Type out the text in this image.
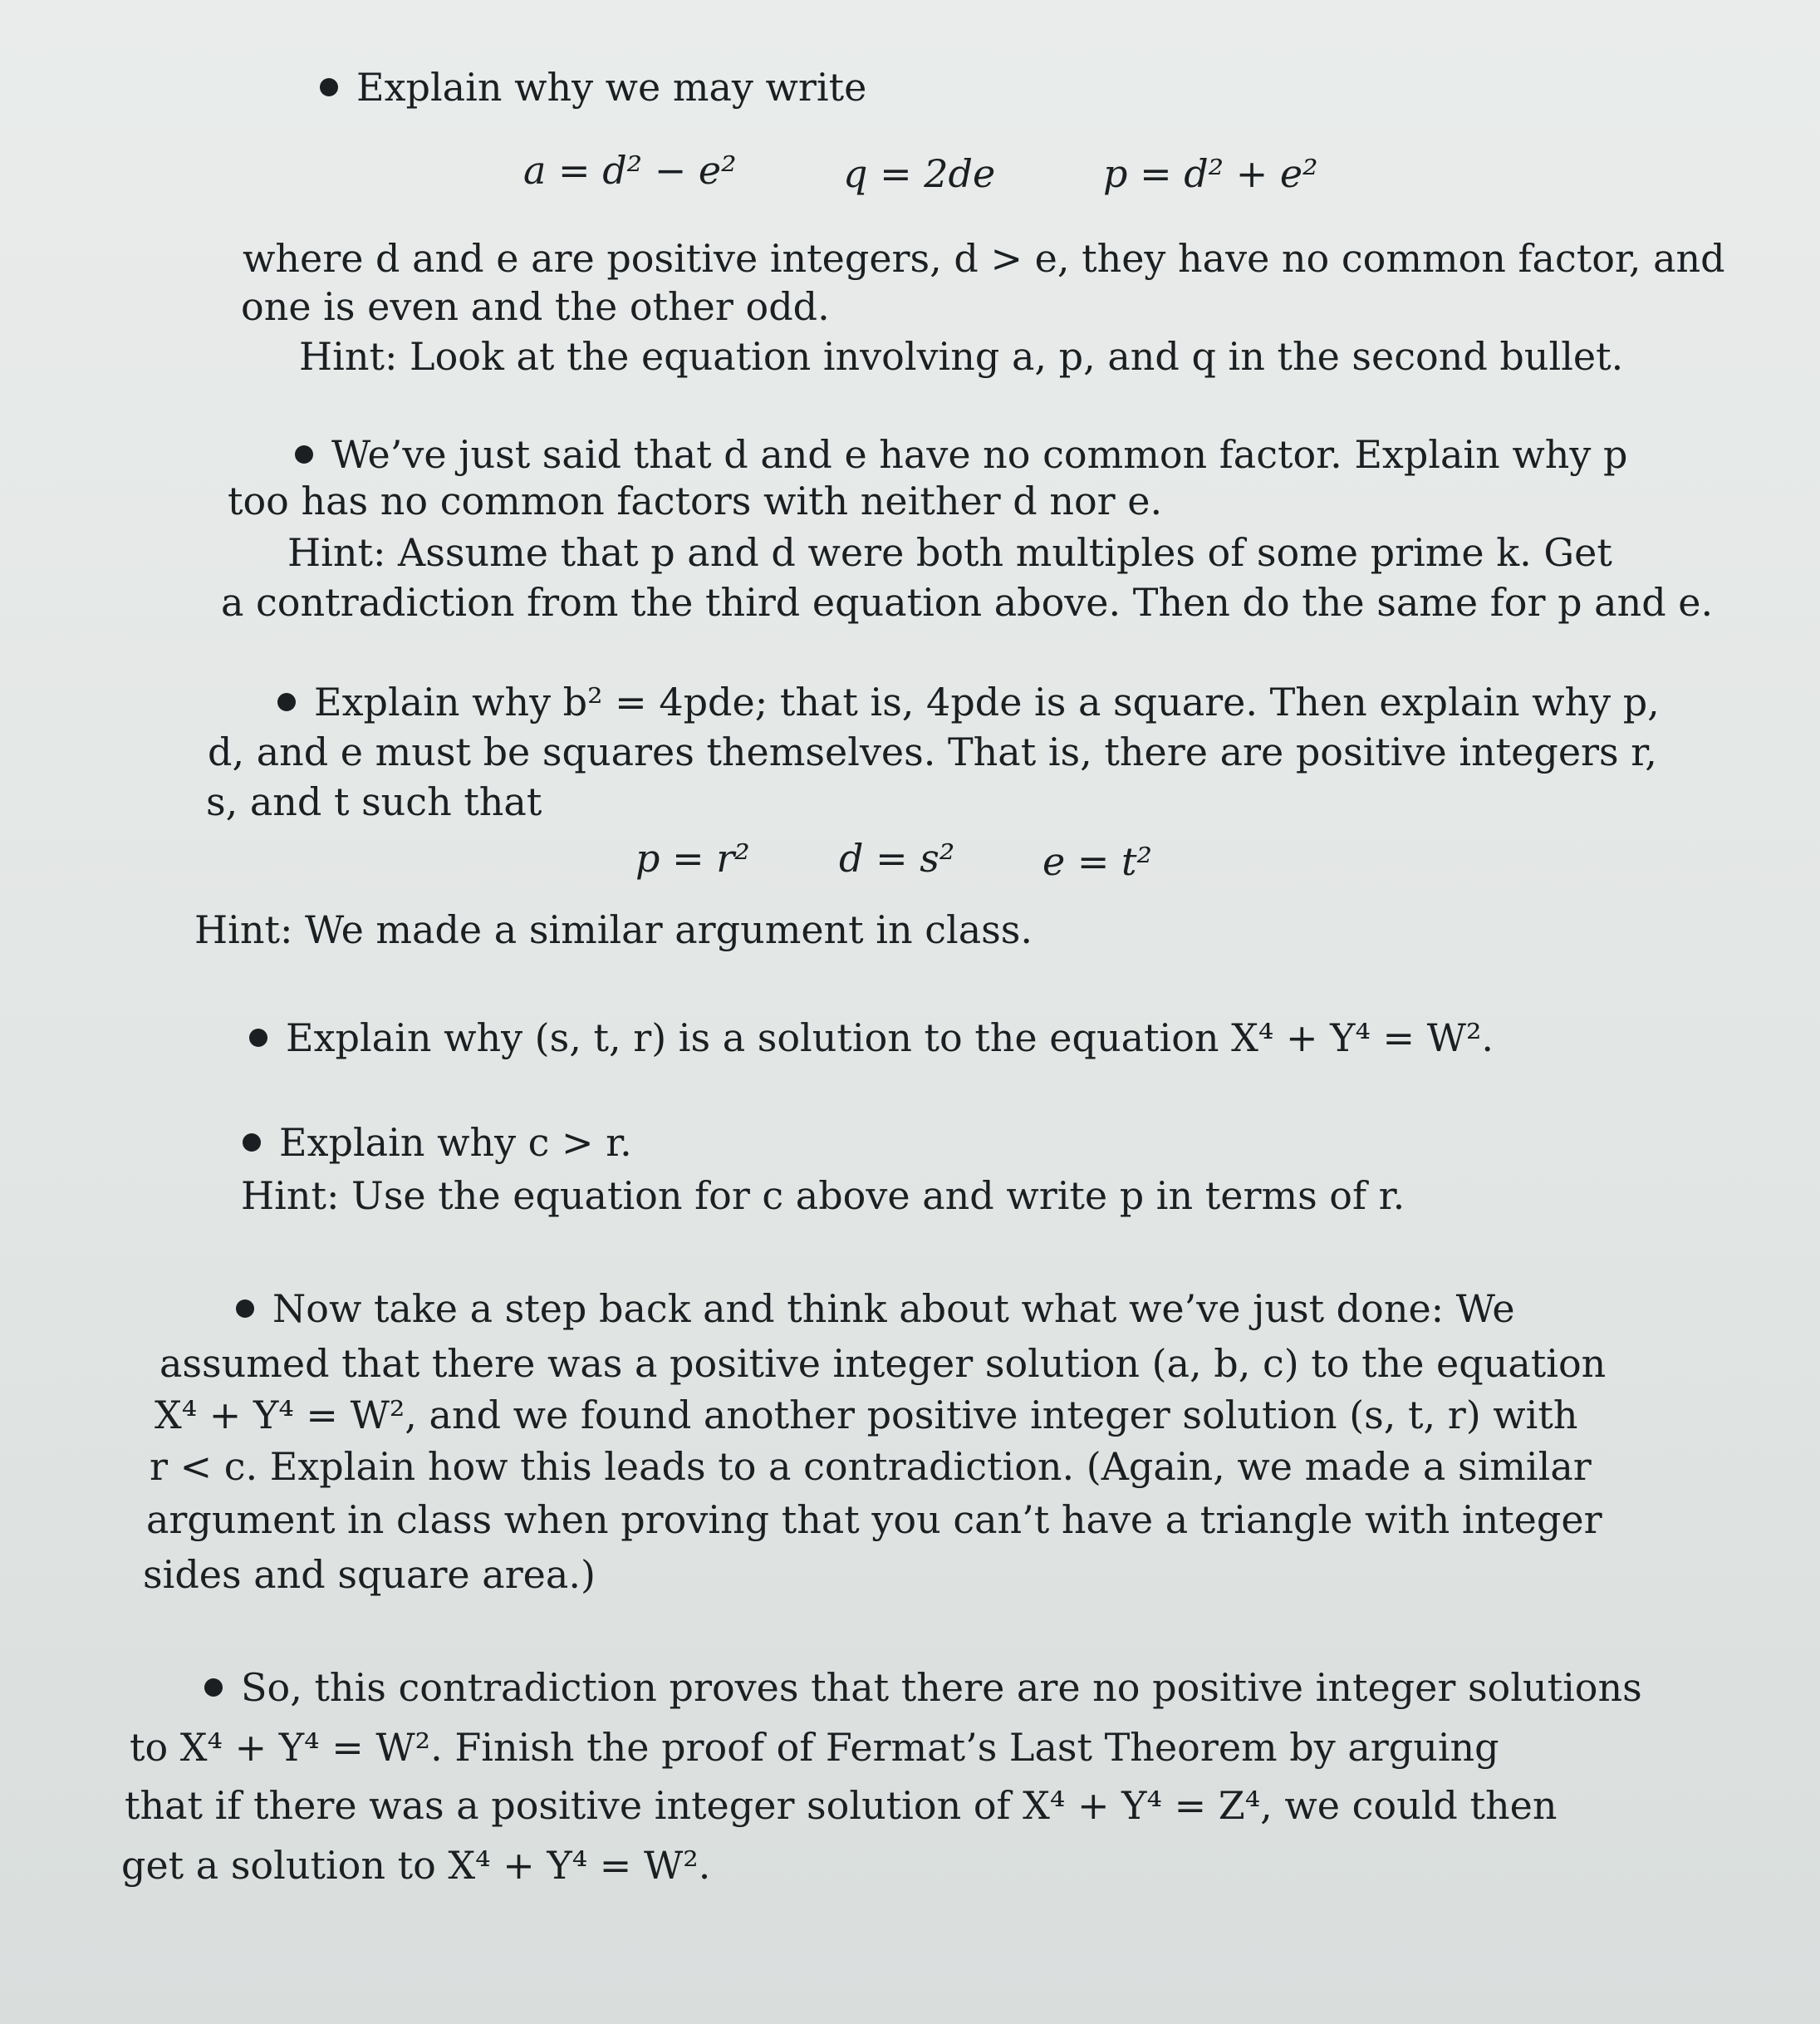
Explain why we may write
a = d² − e²	q = 2de	p = d² + e²
where d and e are positive integers, d > e, they have no common factor, and
one is even and the other odd.
Hint: Look at the equation involving a, p, and q in the second bullet.
We’ve just said that d and e have no common factor. Explain why p
too has no common factors with neither d nor e.
Hint: Assume that p and d were both multiples of some prime k. Get
a contradiction from the third equation above. Then do the same for p and e.
Explain why b² = 4pde; that is, 4pde is a square. Then explain why p,
d, and e must be squares themselves. That is, there are positive integers r,
s, and t such that
p = r² d = s² e = t²
Hint: We made a similar argument in class.
Explain why (s, t, r) is a solution to the equation X⁴ + Y⁴ = W².
Explain why c > r.
Hint: Use the equation for c above and write p in terms of r.
Now take a step back and think about what we’ve just done: We
assumed that there was a positive integer solution (a, b, c) to the equation
X⁴ + Y⁴ = W², and we found another positive integer solution (s, t, r) with
r < c. Explain how this leads to a contradiction. (Again, we made a similar
argument in class when proving that you can’t have a triangle with integer
sides and square area.)
So, this contradiction proves that there are no positive integer solutions
to X⁴ + Y⁴ = W². Finish the proof of Fermat’s Last Theorem by arguing
that if there was a positive integer solution of X⁴ + Y⁴ = Z⁴, we could then
get a solution to X⁴ + Y⁴ = W².
